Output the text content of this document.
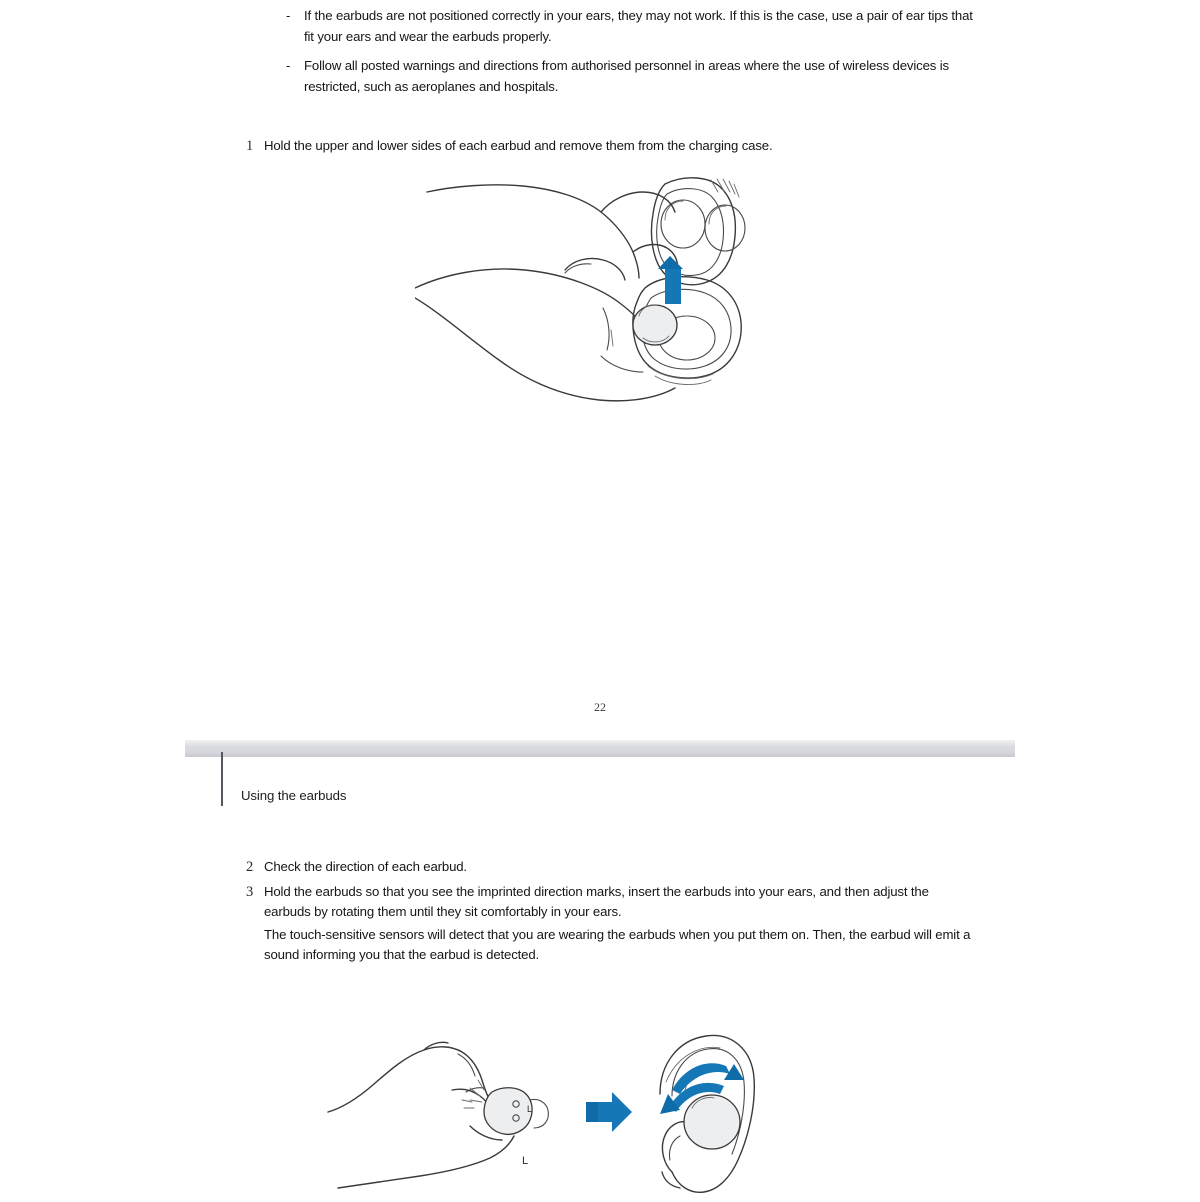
-	If the earbuds are not positioned correctly in your ears, they may not work. If this is the case, use a pair of ear tips that fit your ears and wear the earbuds properly.
-	Follow all posted warnings and directions from authorised personnel in areas where the use of wireless devices is restricted, such as aeroplanes and hospitals.
1 Hold the upper and lower sides of each earbud and remove them from the charging case.
22
Using the earbuds
2 Check the direction of each earbud.
3 Hold the earbuds so that you see the imprinted direction marks, insert the earbuds into your ears, and then adjust the earbuds by rotating them until they sit comfortably in your ears.
The touch-sensitive sensors will detect that you are wearing the earbuds when you put them on. Then, the earbud will emit a sound informing you that the earbud is detected.
L
L
